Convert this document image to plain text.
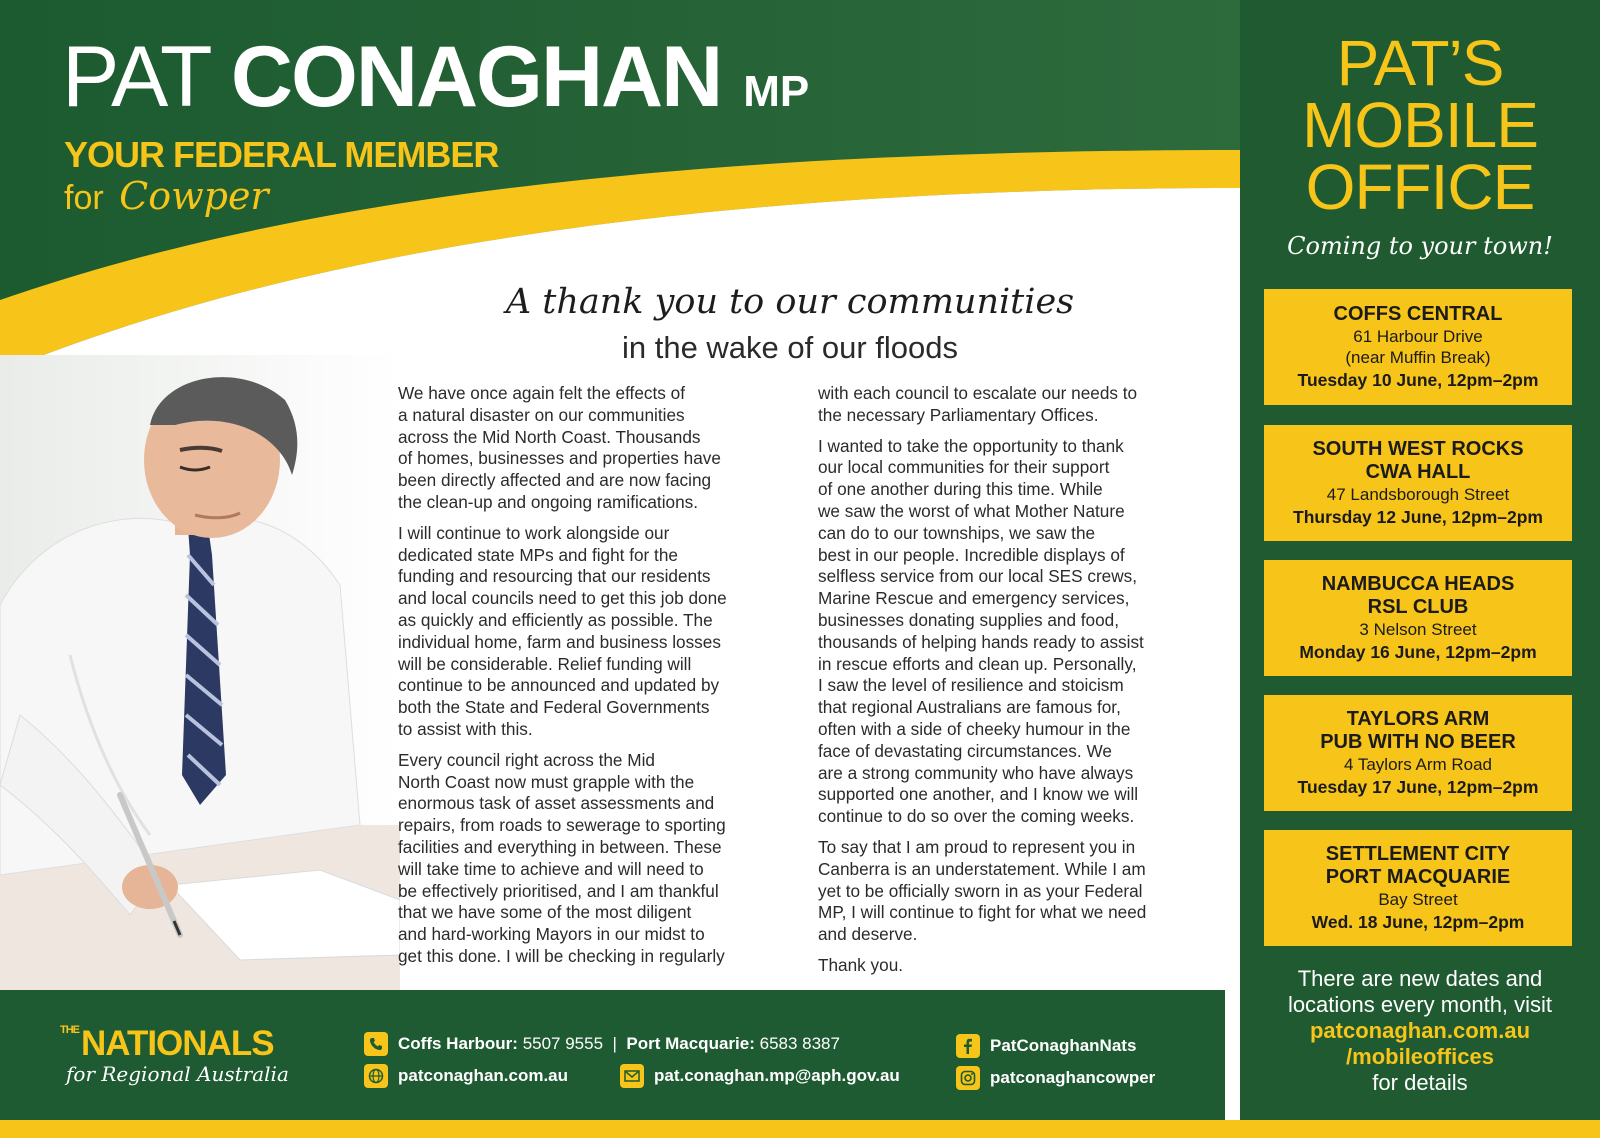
PAT CONAGHAN MP
YOUR FEDERAL MEMBER
for Cowper
A thank you to our communities
in the wake of our floods

We have once again felt the effects of
a natural disaster on our communities
across the Mid North Coast. Thousands
of homes, businesses and properties have
been directly affected and are now facing
the clean-up and ongoing ramifications.

I will continue to work alongside our
dedicated state MPs and fight for the
funding and resourcing that our residents
and local councils need to get this job done
as quickly and efficiently as possible. The
individual home, farm and business losses
will be considerable. Relief funding will
continue to be announced and updated by
both the State and Federal Governments
to assist with this.

Every council right across the Mid
North Coast now must grapple with the
enormous task of asset assessments and
repairs, from roads to sewerage to sporting
facilities and everything in between. These
will take time to achieve and will need to
be effectively prioritised, and I am thankful
that we have some of the most diligent
and hard-working Mayors in our midst to
get this done. I will be checking in regularly

with each council to escalate our needs to
the necessary Parliamentary Offices.

I wanted to take the opportunity to thank
our local communities for their support
of one another during this time. While
we saw the worst of what Mother Nature
can do to our townships, we saw the
best in our people. Incredible displays of
selfless service from our local SES crews,
Marine Rescue and emergency services,
businesses donating supplies and food,
thousands of helping hands ready to assist
in rescue efforts and clean up. Personally,
I saw the level of resilience and stoicism
that regional Australians are famous for,
often with a side of cheeky humour in the
face of devastating circumstances. We
are a strong community who have always
supported one another, and I know we will
continue to do so over the coming weeks.

To say that I am proud to represent you in
Canberra is an understatement. While I am
yet to be officially sworn in as your Federal
MP, I will continue to fight for what we need
and deserve.

Thank you.

THENATIONALS
for Regional Australia
Coffs Harbour:
5507 9555
|
Port Macquarie:
6583 8387
patconaghan.com.au	pat.conaghan.mp@aph.gov.au
PatConaghanNats
patconaghancowper
PAT’S
MOBILE
OFFICE
Coming to your town!
COFFS CENTRAL
61 Harbour Drive
(near Muffin Break)
Tuesday 10 June, 12pm–2pm
SOUTH WEST ROCKS
CWA HALL
47 Landsborough Street
Thursday 12 June, 12pm–2pm
NAMBUCCA HEADS
RSL CLUB
3 Nelson Street
Monday 16 June, 12pm–2pm
TAYLORS ARM
PUB WITH NO BEER
4 Taylors Arm Road
Tuesday 17 June, 12pm–2pm
SETTLEMENT CITY
PORT MACQUARIE
Bay Street
Wed. 18 June, 12pm–2pm
There are new dates and
locations every month, visit
patconaghan.com.au
/mobileoffices
for details
